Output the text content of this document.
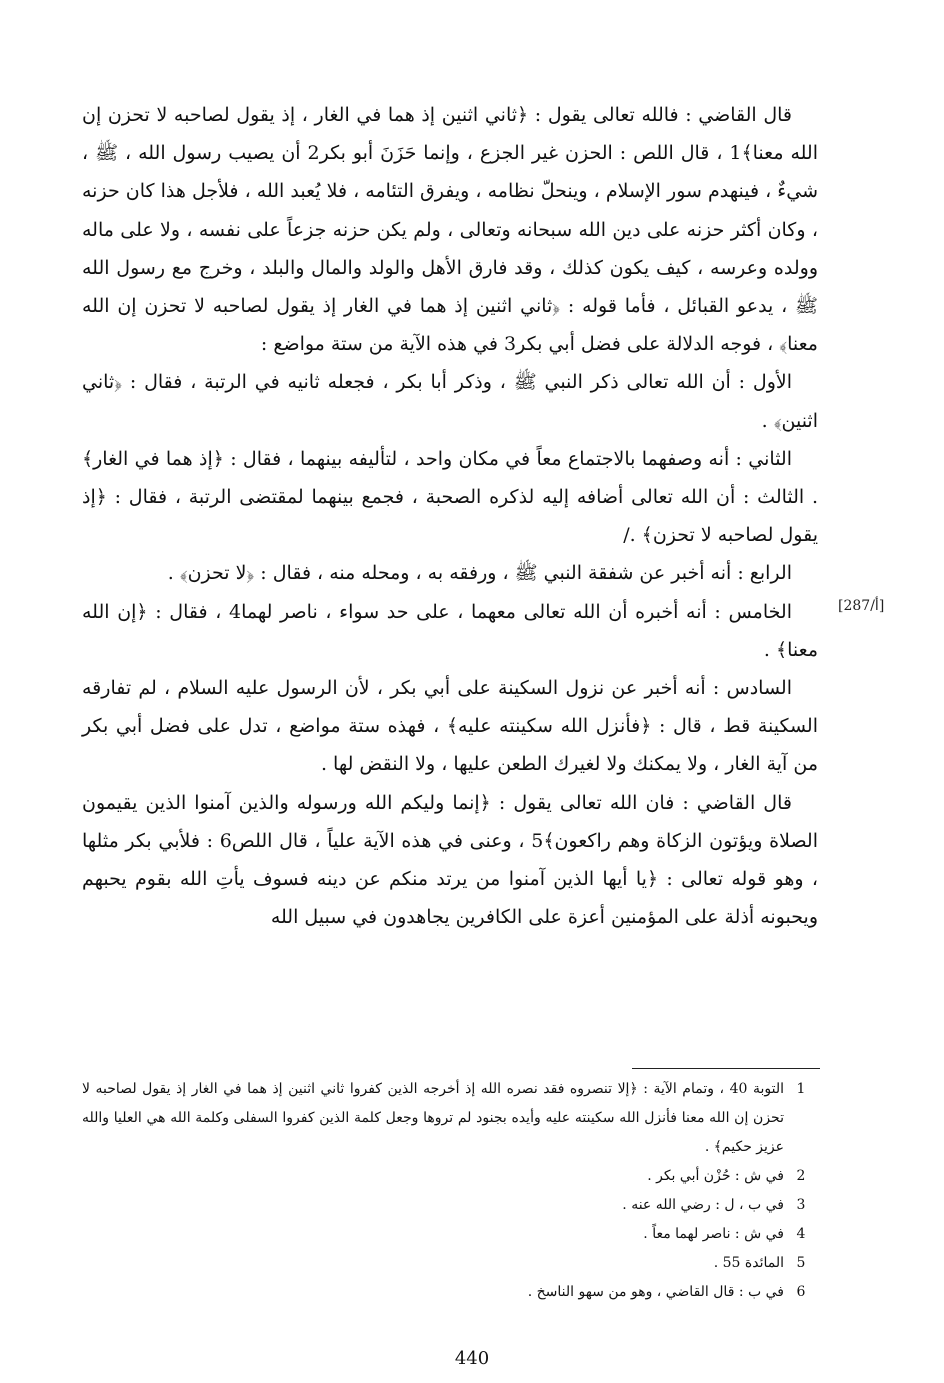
قال القاضي : فالله تعالى يقول : ﴿ثاني اثنين إذ هما في الغار ، إذ يقول لصاحبه لا تحزن إن الله معنا﴾1 ، قال اللص : الحزن غير الجزع ، وإنما حَزَنَ أبو بكر2 أن يصيب رسول الله ، ﷺ ، شيءٌ ، فينهدم سور الإسلام ، وينحلّ نظامه ، ويفرق التئامه ، فلا يُعبد الله ، فلأجل هذا كان حزنه ، وكان أكثر حزنه على دين الله سبحانه وتعالى ، ولم يكن حزنه جزعاً على نفسه ، ولا على ماله وولده وعرسه ، كيف يكون كذلك ، وقد فارق الأهل والولد والمال والبلد ، وخرج مع رسول الله ﷺ ، يدعو القبائل ، فأما قوله : ﴿ثاني اثنين إذ هما في الغار إذ يقول لصاحبه لا تحزن إن الله معنا﴾ ، فوجه الدلالة على فضل أبي بكر3 في هذه الآية من ستة مواضع :

الأول : أن الله تعالى ذكر النبي ﷺ ، وذكر أبا بكر ، فجعله ثانيه في الرتبة ، فقال : ﴿ثاني اثنين﴾ .

الثاني : أنه وصفهما بالاجتماع معاً في مكان واحد ، لتأليفه بينهما ، فقال : ﴿إذ هما في الغار﴾ . الثالث : أن الله تعالى أضافه إليه لذكره الصحبة ، فجمع بينهما لمقتضى الرتبة ، فقال : ﴿إذ يقول لصاحبه لا تحزن﴾ ./

الرابع : أنه أخبر عن شفقة النبي ﷺ ، ورفقه به ، ومحله منه ، فقال : ﴿لا تحزن﴾ .

الخامس : أنه أخبره أن الله تعالى معهما ، على حد سواء ، ناصر لهما4 ، فقال : ﴿إن الله معنا﴾ .

السادس : أنه أخبر عن نزول السكينة على أبي بكر ، لأن الرسول عليه السلام ، لم تفارقه السكينة قط ، قال : ﴿فأنزل الله سكينته عليه﴾ ، فهذه ستة مواضع ، تدل على فضل أبي بكر من آية الغار ، ولا يمكنك ولا لغيرك الطعن عليها ، ولا النقض لها .

قال القاضي : فان الله تعالى يقول : ﴿إنما وليكم الله ورسوله والذين آمنوا الذين يقيمون الصلاة ويؤتون الزكاة وهم راكعون﴾5 ، وعنى في هذه الآية علياً ، قال اللص6 : فلأبي بكر مثلها ، وهو قوله تعالى : ﴿يا أيها الذين آمنوا من يرتد منكم عن دينه فسوف يأتِ الله بقوم يحبهم ويحبونه أذلة على المؤمنين أعزة على الكافرين يجاهدون في سبيل الله

[أ/287]
1
التوبة 40 ، وتمام الآية : ﴿إلا تنصروه فقد نصره الله إذ أخرجه الذين كفروا ثاني اثنين إذ هما في الغار إذ يقول لصاحبه لا تحزن إن الله معنا فأنزل الله سكينته عليه وأيده بجنود لم تروها وجعل كلمة الذين كفروا السفلى وكلمة الله هي العليا والله عزيز حكيم﴾ .
2
في ش : حُزْن أبي بكر .
3
في ب ، ل : رضي الله عنه .
4
في ش : ناصر لهما معاً .
5
المائدة 55 .
6
في ب : قال القاضي ، وهو من سهو الناسخ .
440
